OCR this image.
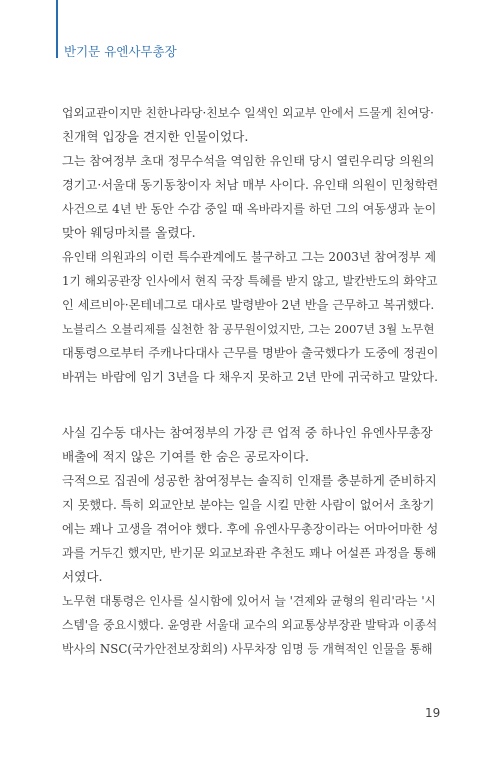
반기문 유엔사무총장
업외교관이지만 친한나라당·친보수 일색인 외교부 안에서 드물게 친여당·
친개혁 입장을 견지한 인물이었다.
그는 참여정부 초대 정무수석을 역임한 유인태 당시 열린우리당 의원의
경기고·서울대 동기동창이자 처남 매부 사이다. 유인태 의원이 민청학련
사건으로 4년 반 동안 수감 중일 때 옥바라지를 하던 그의 여동생과 눈이
맞아 웨딩마치를 올렸다.
유인태 의원과의 이런 특수관계에도 불구하고 그는 2003년 참여정부 제
1기 해외공관장 인사에서 현직 국장 특혜를 받지 않고, 발칸반도의 화약고
인 세르비아·몬테네그로 대사로 발령받아 2년 반을 근무하고 복귀했다.
노블리스 오블리제를 실천한 참 공무원이었지만, 그는 2007년 3월 노무현
대통령으로부터 주캐나다대사 근무를 명받아 출국했다가 도중에 정권이
바뀌는 바람에 임기 3년을 다 채우지 못하고 2년 만에 귀국하고 말았다.
사실 김수동 대사는 참여정부의 가장 큰 업적 중 하나인 유엔사무총장
배출에 적지 않은 기여를 한 숨은 공로자이다.
극적으로 집권에 성공한 참여정부는 솔직히 인재를 충분하게 준비하지
지 못했다. 특히 외교안보 분야는 일을 시킬 만한 사람이 없어서 초창기
에는 꽤나 고생을 겪어야 했다. 후에 유엔사무총장이라는 어마어마한 성
과를 거두긴 했지만, 반기문 외교보좌관 추천도 꽤나 어설픈 과정을 통해
서였다.
노무현 대통령은 인사를 실시함에 있어서 늘 '견제와 균형의 원리'라는 '시
스템'을 중요시했다. 윤영관 서울대 교수의 외교통상부장관 발탁과 이종석
박사의 NSC(국가안전보장회의) 사무차장 임명 등 개혁적인 인물을 통해
19
